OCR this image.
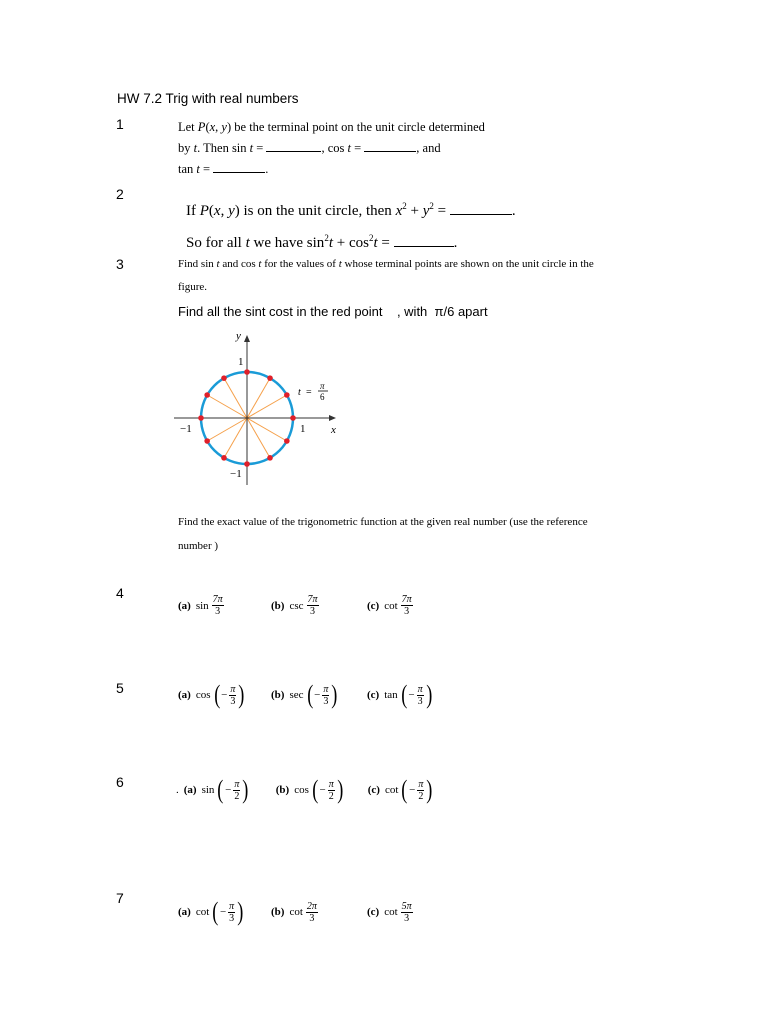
HW 7.2 Trig with real numbers
1	Let P(x, y) be the terminal point on the unit circle determined
by t. Then sin t =	, cos t =	, and
tan t =	.
2
If P(x, y) is on the unit circle, then $x^2 + y^2$ =	.
So for all t we have $\sin^2t + \cos^2t$ =	.
3	Find sin t and cos t for the values of t whose terminal points are shown on the unit circle in the
figure.
Find all the sint cost in the red point    , with  π/6 apart
y
1
−1
−1	1 x
t =
π
6
Find the exact value of the trigonometric function at the given real number (use the reference
number )
4
(a) $\sin \frac{7\pi}{3}$	(b) $\csc \frac{7\pi}{3}$	(c) $\cot \frac{7\pi}{3}$
5	(a) cos ( − $\frac{\pi}{3}$ ) (b) sec ( − $\frac{\pi}{3}$ )	(c) tan ( − $\frac{\pi}{3}$ )
6	. (a) sin ( − $\frac{\pi}{2}$ ) (b) cos ( − $\frac{\pi}{2}$ ) (c) cot ( − $\frac{\pi}{2}$ )
7
(a) cot ( − $\frac{\pi}{3}$ ) (b) $\cot \frac{2\pi}{3}$	(c) $\cot \frac{5\pi}{3}$
